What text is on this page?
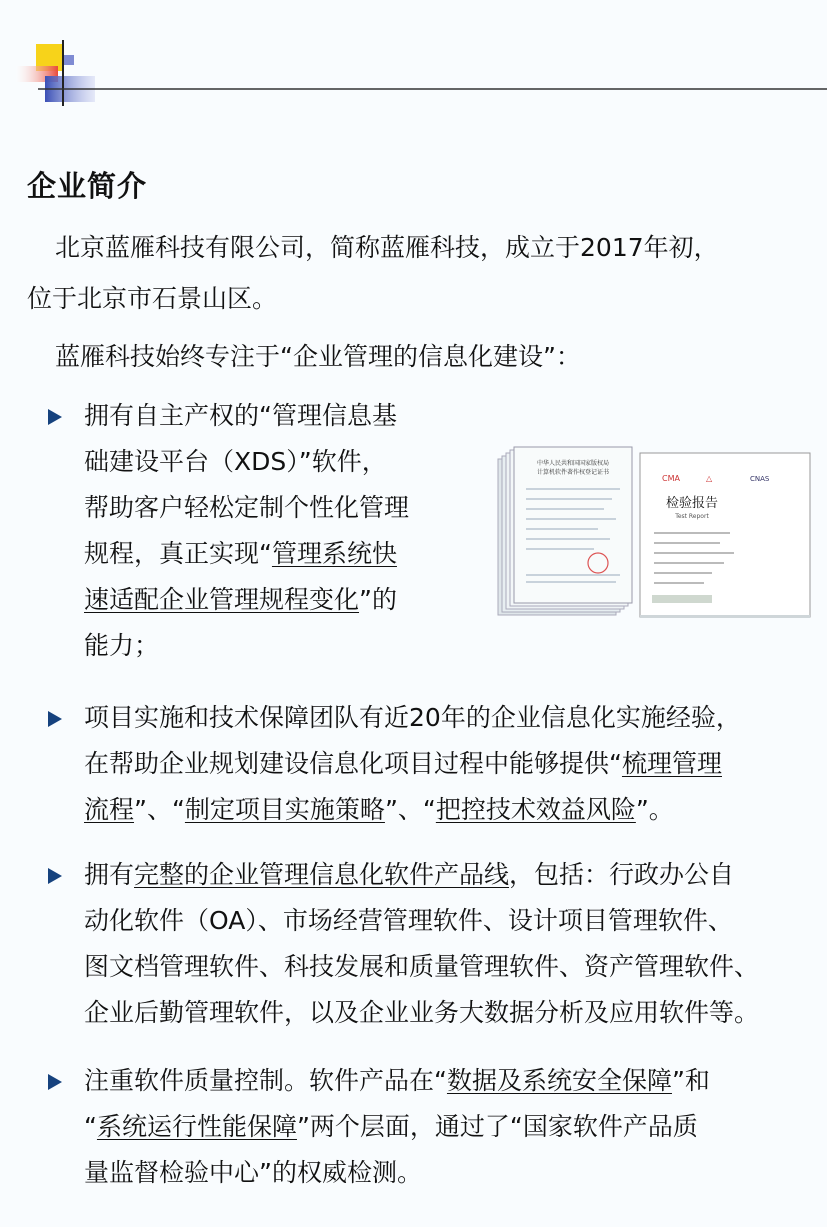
企业简介

北京蓝雁科技有限公司，简称蓝雁科技，成立于2017年初，
位于北京市石景山区。

蓝雁科技始终专注于“企业管理的信息化建设”：

拥有自主产权的“管理信息基
础建设平台（XDS）”软件，
帮助客户轻松定制个性化管理
规程，真正实现“管理系统快
速适配企业管理规程变化”的
能力；

项目实施和技术保障团队有近20年的企业信息化实施经验，
在帮助企业规划建设信息化项目过程中能够提供“梳理管理
流程”、“制定项目实施策略”、“把控技术效益风险”。

拥有完整的企业管理信息化软件产品线，包括：行政办公自
动化软件（OA）、市场经营管理软件、设计项目管理软件、
图文档管理软件、科技发展和质量管理软件、资产管理软件、
企业后勤管理软件，以及企业业务大数据分析及应用软件等。

注重软件质量控制。软件产品在“数据及系统安全保障”和
“系统运行性能保障”两个层面，通过了“国家软件产品质
量监督检验中心”的权威检测。

中华人民共和国国家版权局
计算机软件著作权登记证书
CMA	△	CNAS
检验报告
Test Report
